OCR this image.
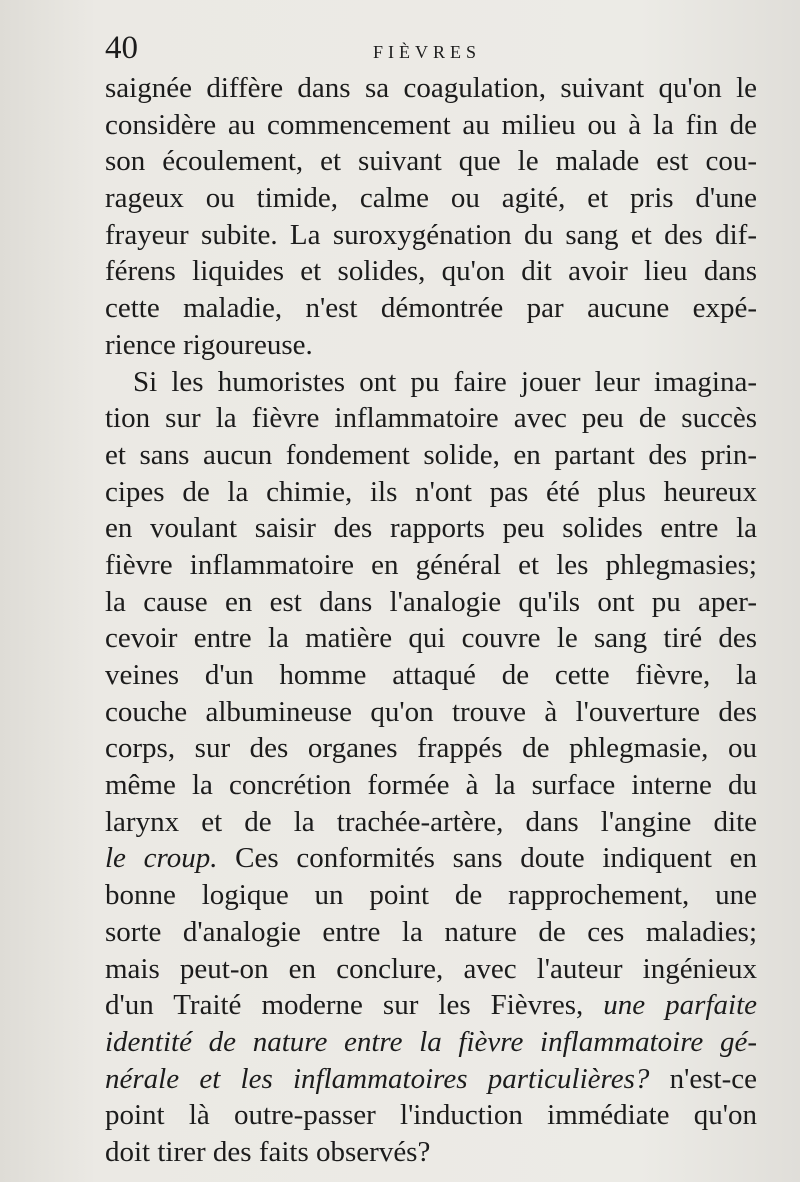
40	FIÈVRES
saignée diffère dans sa coagulation, suivant qu'on le
considère au commencement au milieu ou à la fin de
son écoulement, et suivant que le malade est cou-
rageux ou timide, calme ou agité, et pris d'une
frayeur subite. La suroxygénation du sang et des dif-
férens liquides et solides, qu'on dit avoir lieu dans
cette maladie, n'est démontrée par aucune expé-
rience rigoureuse.
Si les humoristes ont pu faire jouer leur imagina-
tion sur la fièvre inflammatoire avec peu de succès
et sans aucun fondement solide, en partant des prin-
cipes de la chimie, ils n'ont pas été plus heureux
en voulant saisir des rapports peu solides entre la
fièvre inflammatoire en général et les phlegmasies;
la cause en est dans l'analogie qu'ils ont pu aper-
cevoir entre la matière qui couvre le sang tiré des
veines d'un homme attaqué de cette fièvre, la
couche albumineuse qu'on trouve à l'ouverture des
corps, sur des organes frappés de phlegmasie, ou
même la concrétion formée à la surface interne du
larynx et de la trachée-artère, dans l'angine dite
le croup. Ces conformités sans doute indiquent en
bonne logique un point de rapprochement, une
sorte d'analogie entre la nature de ces maladies;
mais peut-on en conclure, avec l'auteur ingénieux
d'un Traité moderne sur les Fièvres, une parfaite
identité de nature entre la fièvre inflammatoire gé-
nérale et les inflammatoires particulières? n'est-ce
point là outre-passer l'induction immédiate qu'on
doit tirer des faits observés?
